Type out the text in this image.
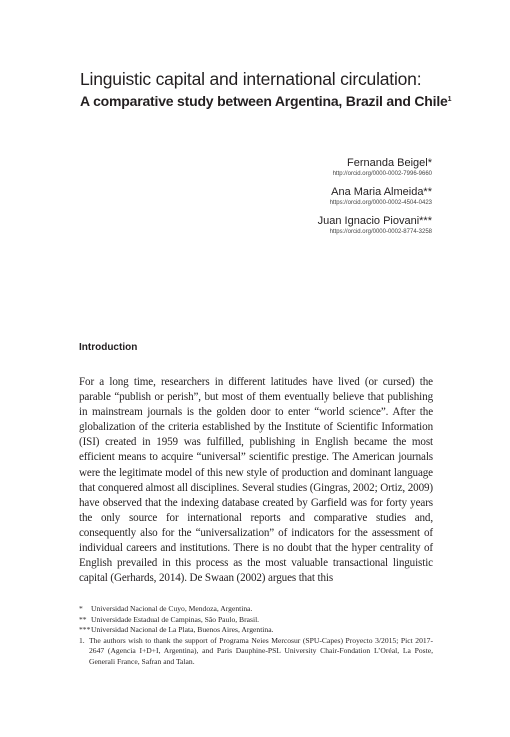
Linguistic capital and international circulation:
A comparative study between Argentina, Brazil and Chile$^1$
Fernanda Beigel*
http://orcid.org/0000-0002-7996-9660
Ana Maria Almeida**
https://orcid.org/0000-0002-4504-0423
Juan Ignacio Piovani***
https://orcid.org/0000-0002-8774-3258
Introduction

For a long time, researchers in different latitudes have lived (or cursed) the parable “publish or perish”, but most of them eventually believe that publishing in mainstream journals is the golden door to enter “world science”. After the globalization of the criteria established by the Institute of Scientific Information (ISI) created in 1959 was fulfilled, publishing in English became the most efficient means to acquire “universal” scientific prestige. The American journals were the legitimate model of this new style of production and dominant language that conquered almost all disciplines. Several studies (Gingras, 2002; Ortiz, 2009) have observed that the indexing database created by Garfield was for forty years the only source for international reports and comparative studies and, consequently also for the “universalization” of indicators for the assessment of individual careers and institutions. There is no doubt that the hyper centrality of English prevailed in this process as the most valuable transactional linguistic capital (Gerhards, 2014). De Swaan (2002) argues that this

*	Universidad Nacional de Cuyo, Mendoza, Argentina.
** Universidade Estadual de Campinas, São Paulo, Brasil.
*** Universidad Nacional de La Plata, Buenos Aires, Argentina.
1. The authors wish to thank the support of Programa Neies Mercosur (SPU-Capes) Proyecto 3/2015; Pict 2017-2647 (Agencia I+D+I, Argentina), and Paris Dauphine-PSL University Chair-Fondation L’Oréal, La Poste, Generali France, Safran and Talan.
